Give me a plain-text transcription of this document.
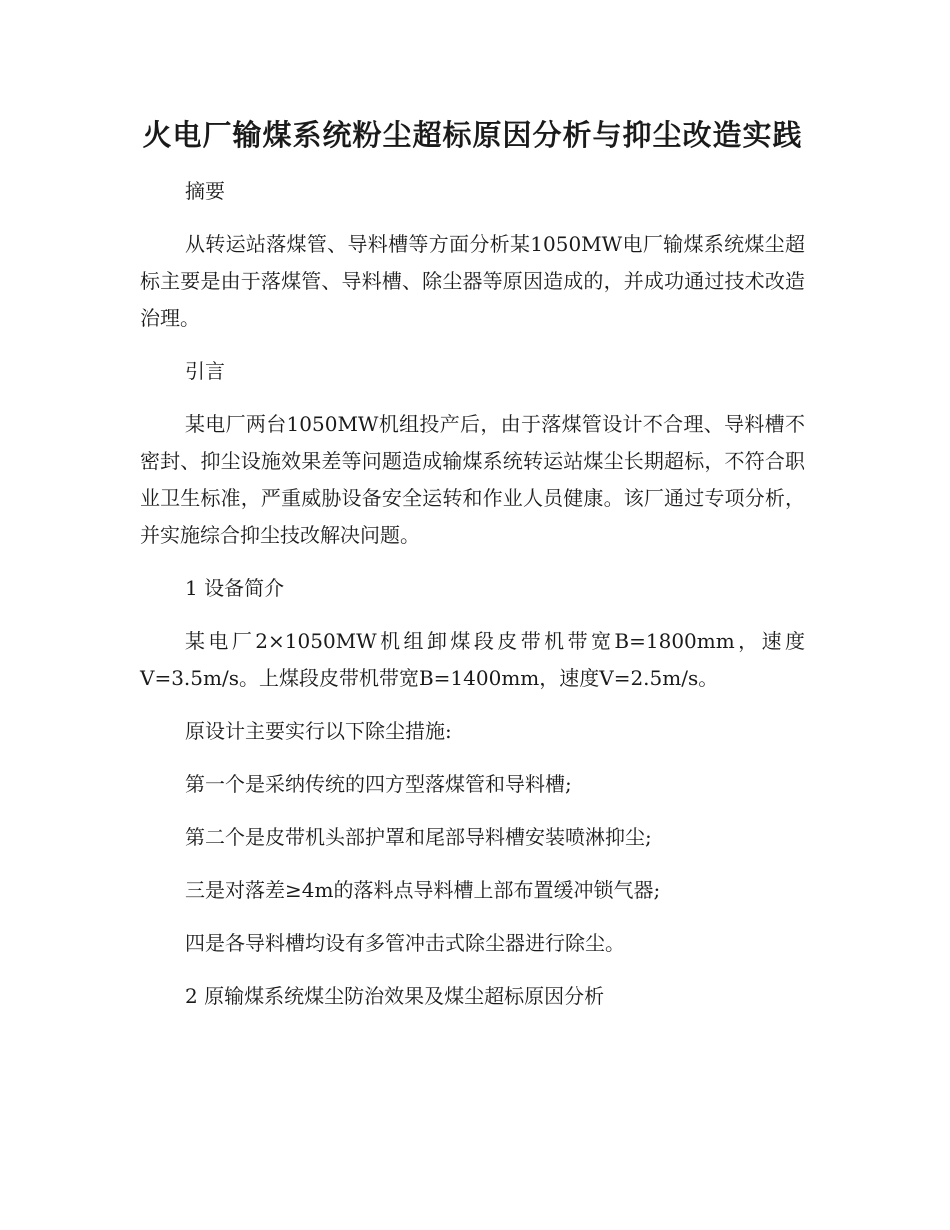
火电厂输煤系统粉尘超标原因分析与抑尘改造实践

摘要

从转运站落煤管、导料槽等方面分析某1050MW电厂输煤系统煤尘超标主要是由于落煤管、导料槽、除尘器等原因造成的，并成功通过技术改造治理。

引言

某电厂两台1050MW机组投产后，由于落煤管设计不合理、导料槽不密封、抑尘设施效果差等问题造成输煤系统转运站煤尘长期超标，不符合职业卫生标准，严重威胁设备安全运转和作业人员健康。该厂通过专项分析，并实施综合抑尘技改解决问题。

1 设备简介

某电厂2×1050MW机组卸煤段皮带机带宽B=1800mm，速度V=3.5m/s。上煤段皮带机带宽B=1400mm，速度V=2.5m/s。

原设计主要实行以下除尘措施:

第一个是采纳传统的四方型落煤管和导料槽;

第二个是皮带机头部护罩和尾部导料槽安装喷淋抑尘;

三是对落差≥4m的落料点导料槽上部布置缓冲锁气器;

四是各导料槽均设有多管冲击式除尘器进行除尘。

2 原输煤系统煤尘防治效果及煤尘超标原因分析
